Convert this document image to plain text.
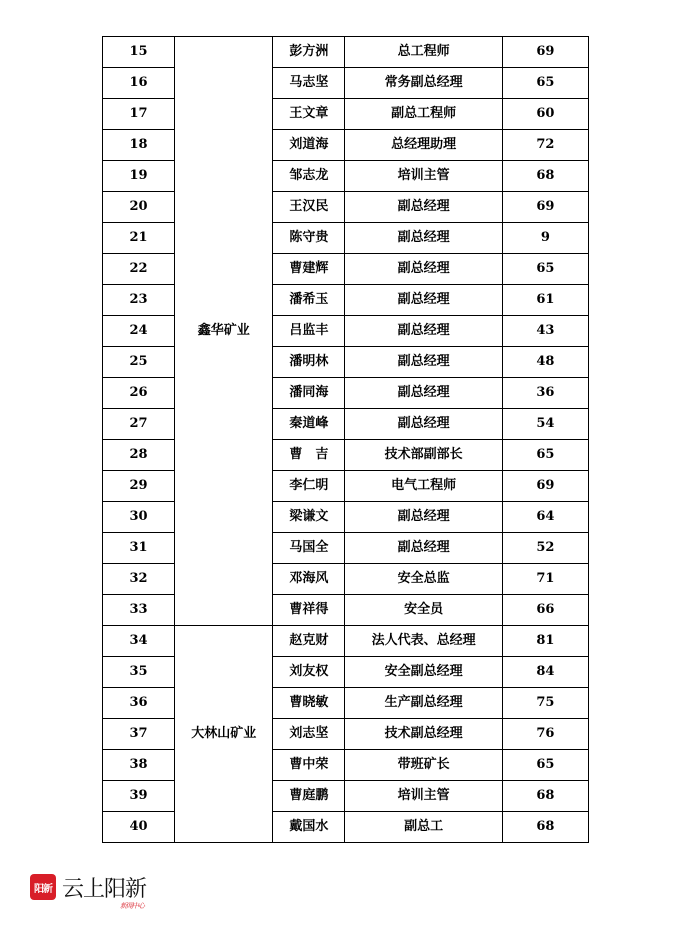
15	鑫华矿业	彭方洲	总工程师	69
16		马志坚	常务副总经理	65
17		王文章	副总工程师	60
18		刘道海	总经理助理	72
19		邹志龙	培训主管	68
20		王汉民	副总经理	69
21		陈守贵	副总经理	9
22		曹建辉	副总经理	65
23		潘希玉	副总经理	61
24		吕监丰	副总经理	43
25		潘明林	副总经理	48
26		潘同海	副总经理	36
27		秦道峰	副总经理	54
28		曹　吉	技术部副部长	65
29		李仁明	电气工程师	69
30		梁谦文	副总经理	64
31		马国全	副总经理	52
32		邓海风	安全总监	71
33		曹祥得	安全员	66
34	大林山矿业	赵克财	法人代表、总经理	81
35		刘友权	安全副总经理	84
36		曹晓敏	生产副总经理	75
37		刘志坚	技术副总经理	76
38		曹中荣	带班矿长	65
39		曹庭鹏	培训主管	68
40		戴国水	副总工	68
阳新 云上阳新
新闻中心
